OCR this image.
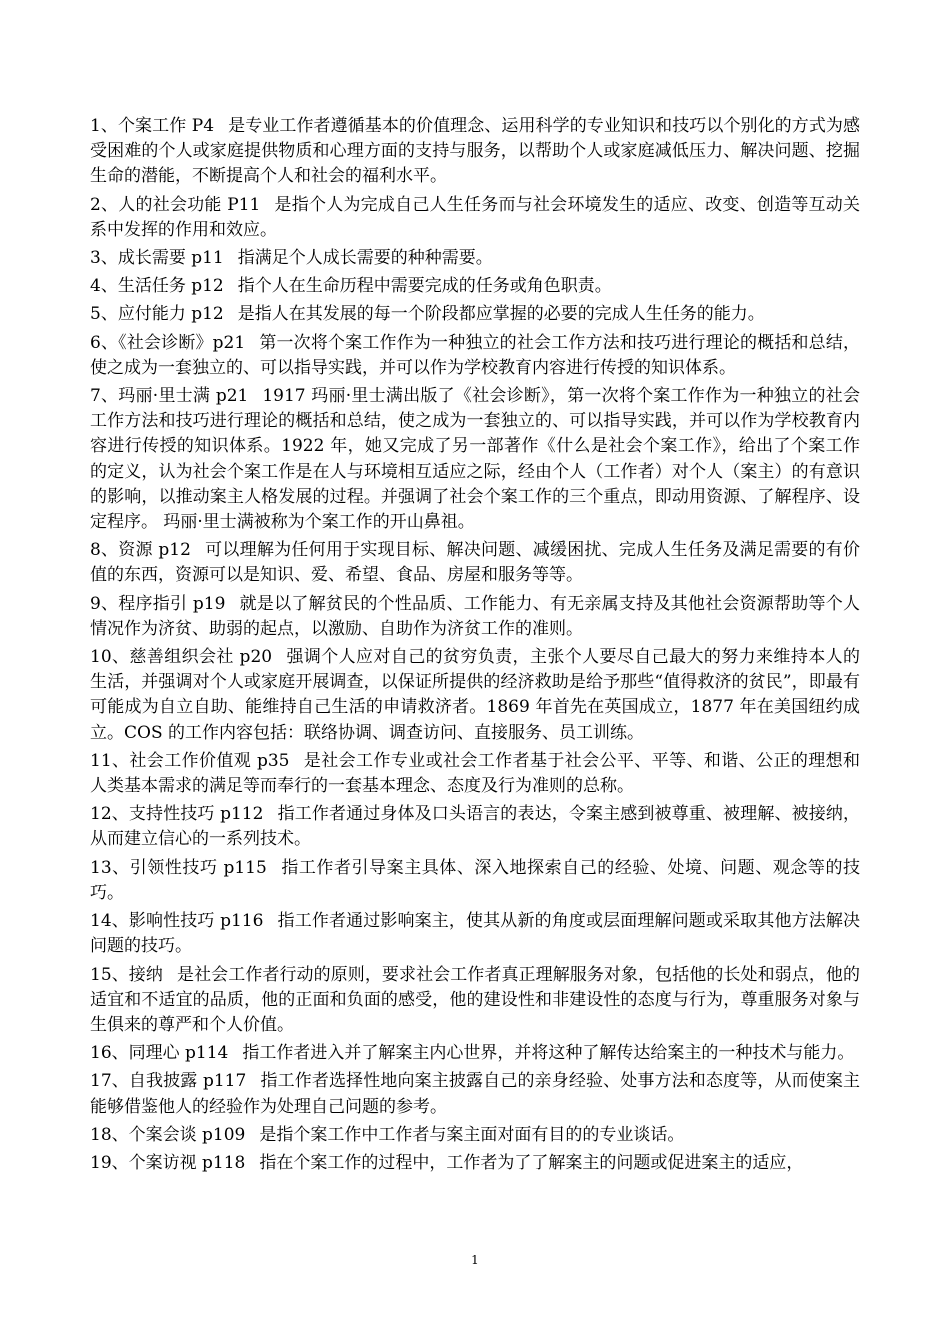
1、个案工作 P4 是专业工作者遵循基本的价值理念、运用科学的专业知识和技巧以个别化的方式为感受困难的个人或家庭提供物质和心理方面的支持与服务，以帮助个人或家庭减低压力、解决问题、挖掘生命的潜能，不断提高个人和社会的福利水平。

2、人的社会功能 P11 是指个人为完成自己人生任务而与社会环境发生的适应、改变、创造等互动关系中发挥的作用和效应。

3、成长需要 p11 指满足个人成长需要的种种需要。

4、生活任务 p12 指个人在生命历程中需要完成的任务或角色职责。

5、应付能力 p12 是指人在其发展的每一个阶段都应掌握的必要的完成人生任务的能力。

6、《社会诊断》p21 第一次将个案工作作为一种独立的社会工作方法和技巧进行理论的概括和总结，使之成为一套独立的、可以指导实践，并可以作为学校教育内容进行传授的知识体系。

7、玛丽·里士满 p21 1917 玛丽·里士满出版了《社会诊断》，第一次将个案工作作为一种独立的社会工作方法和技巧进行理论的概括和总结，使之成为一套独立的、可以指导实践，并可以作为学校教育内容进行传授的知识体系。1922 年，她又完成了另一部著作《什么是社会个案工作》，给出了个案工作的定义，认为社会个案工作是在人与环境相互适应之际，经由个人（工作者）对个人（案主）的有意识的影响，以推动案主人格发展的过程。并强调了社会个案工作的三个重点，即动用资源、了解程序、设定程序。 玛丽·里士满被称为个案工作的开山鼻祖。

8、资源 p12 可以理解为任何用于实现目标、解决问题、减缓困扰、完成人生任务及满足需要的有价值的东西，资源可以是知识、爱、希望、食品、房屋和服务等等。

9、程序指引 p19 就是以了解贫民的个性品质、工作能力、有无亲属支持及其他社会资源帮助等个人情况作为济贫、助弱的起点，以激励、自助作为济贫工作的准则。

10、慈善组织会社 p20 强调个人应对自己的贫穷负责，主张个人要尽自己最大的努力来维持本人的生活，并强调对个人或家庭开展调查，以保证所提供的经济救助是给予那些“值得救济的贫民”，即最有可能成为自立自助、能维持自己生活的申请救济者。1869 年首先在英国成立，1877 年在美国纽约成立。COS 的工作内容包括：联络协调、调查访问、直接服务、员工训练。

11、社会工作价值观 p35 是社会工作专业或社会工作者基于社会公平、平等、和谐、公正的理想和人类基本需求的满足等而奉行的一套基本理念、态度及行为准则的总称。

12、支持性技巧 p112 指工作者通过身体及口头语言的表达，令案主感到被尊重、被理解、被接纳，从而建立信心的一系列技术。

13、引领性技巧 p115 指工作者引导案主具体、深入地探索自己的经验、处境、问题、观念等的技巧。

14、影响性技巧 p116 指工作者通过影响案主，使其从新的角度或层面理解问题或采取其他方法解决问题的技巧。

15、接纳 是社会工作者行动的原则，要求社会工作者真正理解服务对象，包括他的长处和弱点，他的适宜和不适宜的品质，他的正面和负面的感受，他的建设性和非建设性的态度与行为，尊重服务对象与生俱来的尊严和个人价值。

16、同理心 p114 指工作者进入并了解案主内心世界，并将这种了解传达给案主的一种技术与能力。

17、自我披露 p117 指工作者选择性地向案主披露自己的亲身经验、处事方法和态度等，从而使案主能够借鉴他人的经验作为处理自己问题的参考。

18、个案会谈 p109 是指个案工作中工作者与案主面对面有目的的专业谈话。

19、个案访视 p118 指在个案工作的过程中，工作者为了了解案主的问题或促进案主的适应，

1
